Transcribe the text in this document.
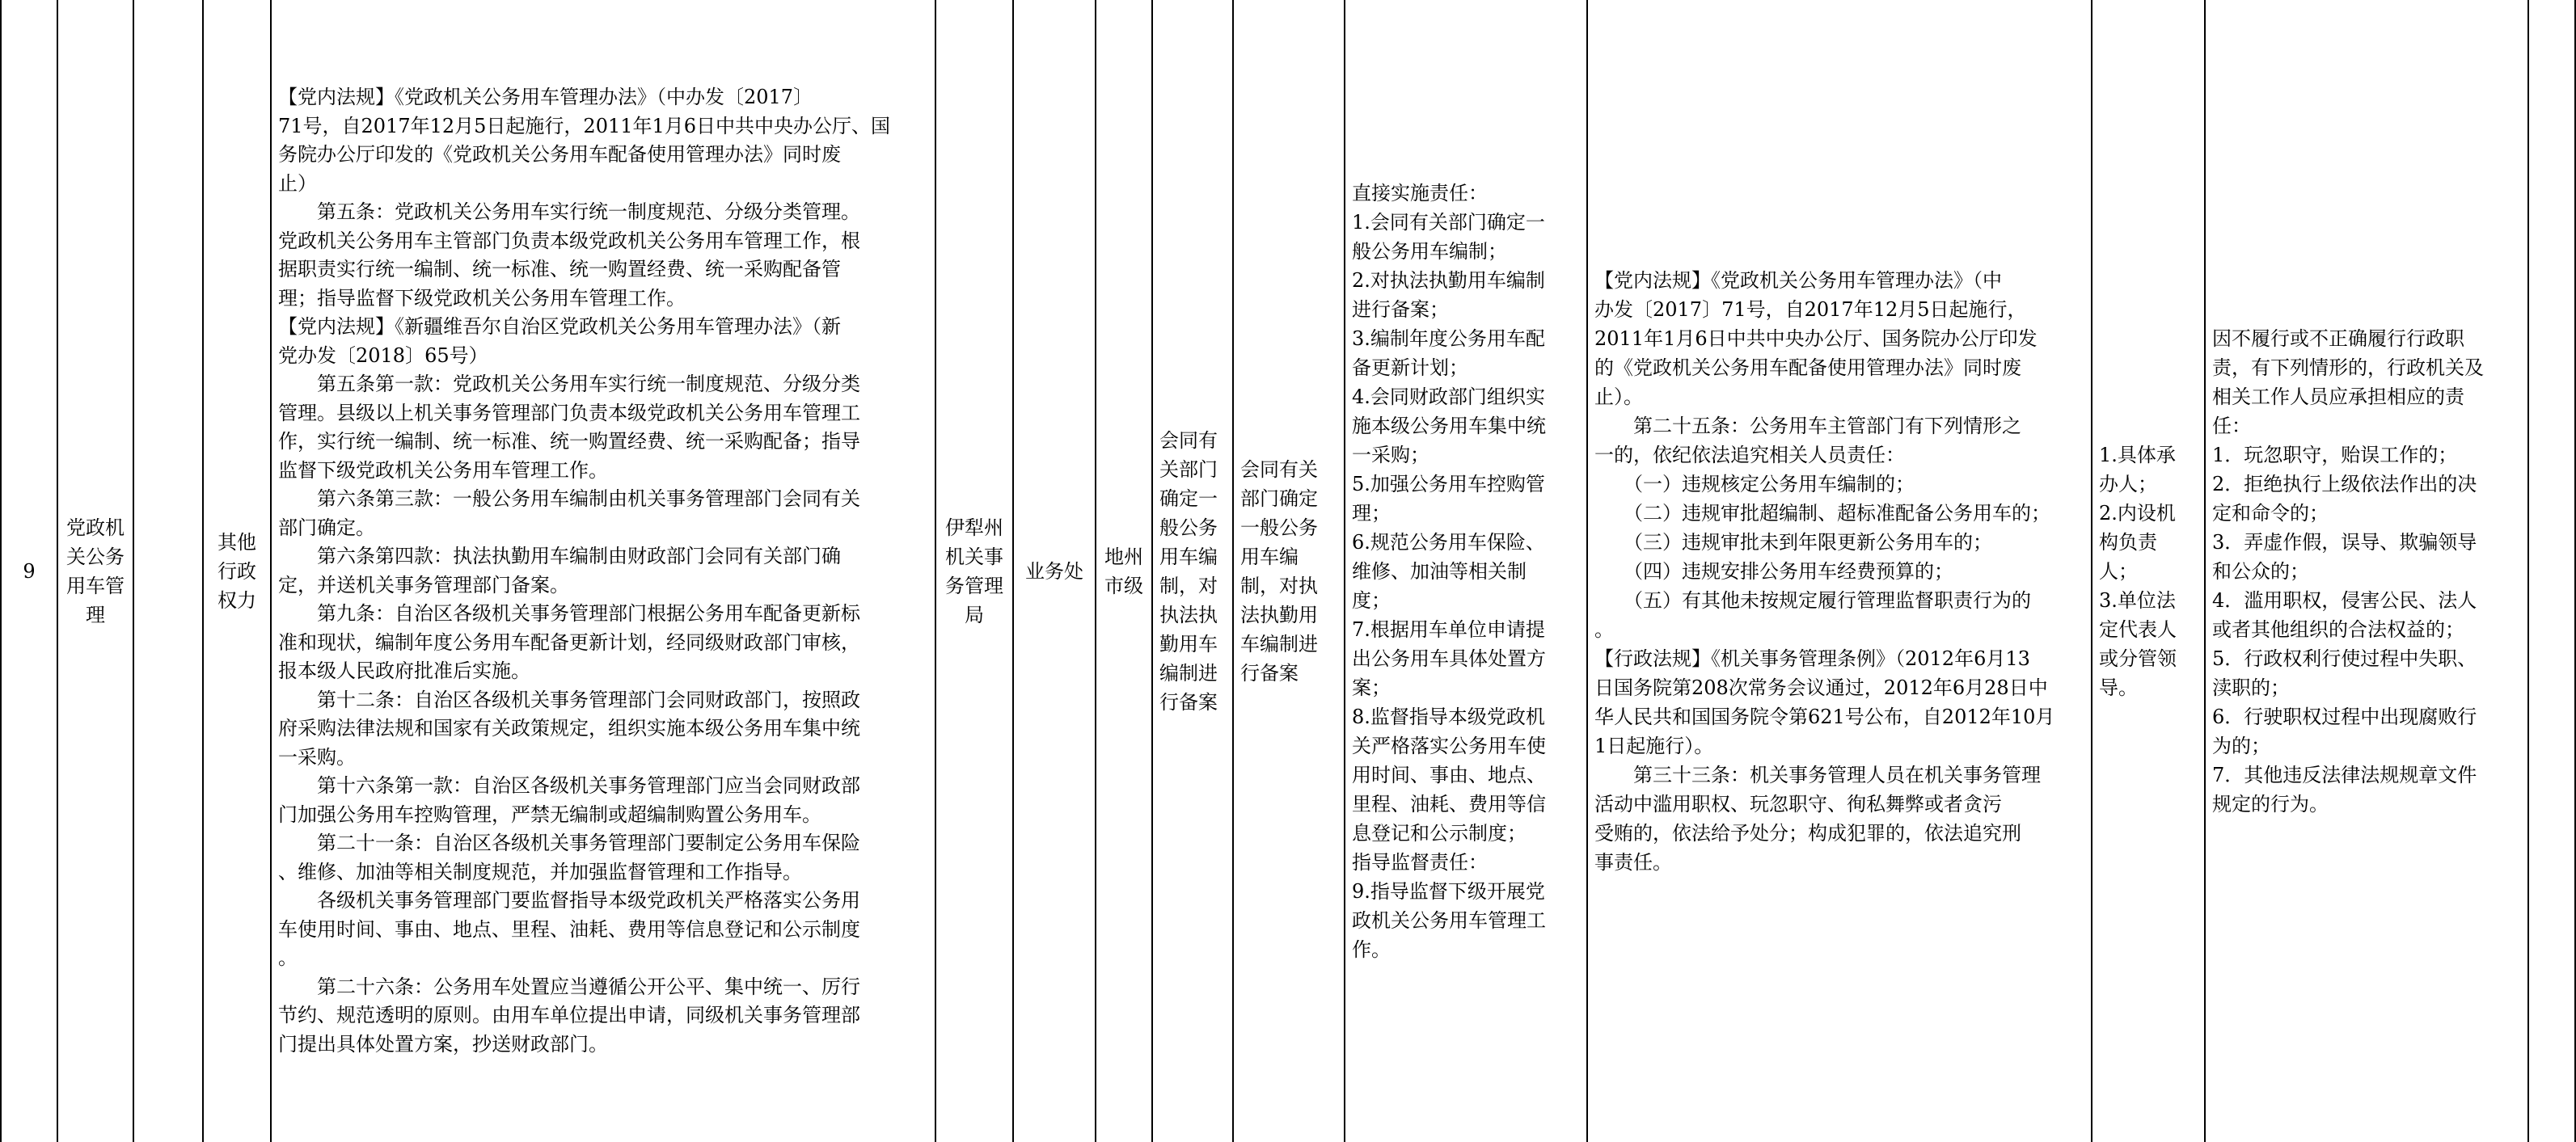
9
党政机
关公务
用车管
理
其他
行政
权力
【党内法规】《党政机关公务用车管理办法》（中办发〔2017〕
71号，自2017年12月5日起施行，2011年1月6日中共中央办公厅、国
务院办公厅印发的《党政机关公务用车配备使用管理办法》同时废
止）
　　第五条：党政机关公务用车实行统一制度规范、分级分类管理。
党政机关公务用车主管部门负责本级党政机关公务用车管理工作，根
据职责实行统一编制、统一标准、统一购置经费、统一采购配备管
理；指导监督下级党政机关公务用车管理工作。
【党内法规】《新疆维吾尔自治区党政机关公务用车管理办法》（新
党办发〔2018〕65号）
　　第五条第一款：党政机关公务用车实行统一制度规范、分级分类
管理。县级以上机关事务管理部门负责本级党政机关公务用车管理工
作，实行统一编制、统一标准、统一购置经费、统一采购配备；指导
监督下级党政机关公务用车管理工作。
　　第六条第三款：一般公务用车编制由机关事务管理部门会同有关
部门确定。
　　第六条第四款：执法执勤用车编制由财政部门会同有关部门确
定，并送机关事务管理部门备案。
　　第九条：自治区各级机关事务管理部门根据公务用车配备更新标
准和现状，编制年度公务用车配备更新计划，经同级财政部门审核，
报本级人民政府批准后实施。
　　第十二条：自治区各级机关事务管理部门会同财政部门，按照政
府采购法律法规和国家有关政策规定，组织实施本级公务用车集中统
一采购。
　　第十六条第一款：自治区各级机关事务管理部门应当会同财政部
门加强公务用车控购管理，严禁无编制或超编制购置公务用车。
　　第二十一条：自治区各级机关事务管理部门要制定公务用车保险
、维修、加油等相关制度规范，并加强监督管理和工作指导。
　　各级机关事务管理部门要监督指导本级党政机关严格落实公务用
车使用时间、事由、地点、里程、油耗、费用等信息登记和公示制度
。
　　第二十六条：公务用车处置应当遵循公开公平、集中统一、厉行
节约、规范透明的原则。由用车单位提出申请，同级机关事务管理部
门提出具体处置方案，抄送财政部门。
伊犁州
机关事
务管理
局
业务处
地州
市级
会同有
关部门
确定一
般公务
用车编
制，对
执法执
勤用车
编制进
行备案
会同有关
部门确定
一般公务
用车编
制，对执
法执勤用
车编制进
行备案
直接实施责任：
1.会同有关部门确定一
般公务用车编制；
2.对执法执勤用车编制
进行备案；
3.编制年度公务用车配
备更新计划；
4.会同财政部门组织实
施本级公务用车集中统
一采购；
5.加强公务用车控购管
理；
6.规范公务用车保险、
维修、加油等相关制
度；
7.根据用车单位申请提
出公务用车具体处置方
案；
8.监督指导本级党政机
关严格落实公务用车使
用时间、事由、地点、
里程、油耗、费用等信
息登记和公示制度；
指导监督责任：
9.指导监督下级开展党
政机关公务用车管理工
作。
【党内法规】《党政机关公务用车管理办法》（中
办发〔2017〕71号，自2017年12月5日起施行，
2011年1月6日中共中央办公厅、国务院办公厅印发
的《党政机关公务用车配备使用管理办法》同时废
止）。
　　第二十五条：公务用车主管部门有下列情形之
一的，依纪依法追究相关人员责任：
　　（一）违规核定公务用车编制的；
　　（二）违规审批超编制、超标准配备公务用车的；
　　（三）违规审批未到年限更新公务用车的；
　　（四）违规安排公务用车经费预算的；
　　（五）有其他未按规定履行管理监督职责行为的
。
【行政法规】《机关事务管理条例》（2012年6月13
日国务院第208次常务会议通过，2012年6月28日中
华人民共和国国务院令第621号公布，自2012年10月
1日起施行）。
　　第三十三条：机关事务管理人员在机关事务管理
活动中滥用职权、玩忽职守、徇私舞弊或者贪污
受贿的，依法给予处分；构成犯罪的，依法追究刑
事责任。
1.具体承
办人；
2.内设机
构负责
人；
3.单位法
定代表人
或分管领
导。
因不履行或不正确履行行政职
责，有下列情形的，行政机关及
相关工作人员应承担相应的责
任：
1．玩忽职守，贻误工作的；
2．拒绝执行上级依法作出的决
定和命令的；
3．弄虚作假，误导、欺骗领导
和公众的；
4．滥用职权，侵害公民、法人
或者其他组织的合法权益的；
5．行政权利行使过程中失职、
渎职的；
6．行驶职权过程中出现腐败行
为的；
7．其他违反法律法规规章文件
规定的行为。
